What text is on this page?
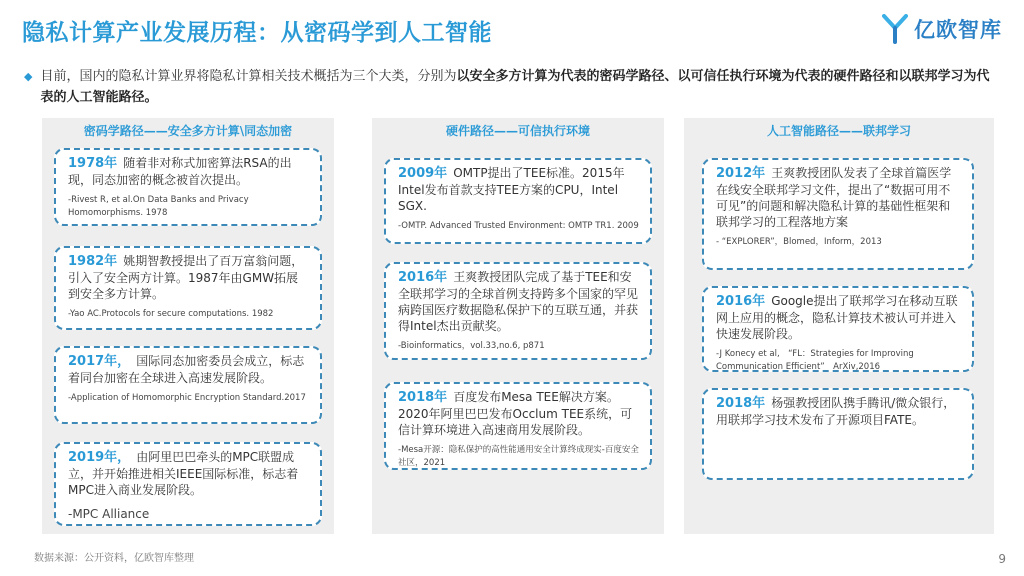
隐私计算产业发展历程：从密码学到人工智能	亿欧智库
◆ 目前，国内的隐私计算业界将隐私计算相关技术概括为三个大类，分别为以安全多方计算为代表的密码学路径、以可信任执行环境为代表的硬件路径和以联邦学习为代表的人工智能路径。
密码学路径——安全多方计算\同态加密
1978年 随着非对称式加密算法RSA的出现，同态加密的概念被首次提出。
-Rivest R, et al.On Data Banks and Privacy Homomorphisms. 1978
1982年 姚期智教授提出了百万富翁问题，引入了安全两方计算。1987年由GMW拓展到安全多方计算。
-Yao AC.Protocols for secure computations. 1982
2017年， 国际同态加密委员会成立，标志着同台加密在全球进入高速发展阶段。
-Application of Homomorphic Encryption Standard.2017
2019年， 由阿里巴巴牵头的MPC联盟成立，并开始推进相关IEEE国际标准，标志着MPC进入商业发展阶段。
-MPC Alliance
硬件路径——可信执行环境
2009年 OMTP提出了TEE标准。2015年Intel发布首款支持TEE方案的CPU，Intel SGX.
-OMTP. Advanced Trusted Environment: OMTP TR1. 2009
2016年 王爽教授团队完成了基于TEE和安全联邦学习的全球首例支持跨多个国家的罕见病跨国医疗数据隐私保护下的互联互通，并获得Intel杰出贡献奖。
-Bioinformatics，vol.33,no.6, p871
2018年 百度发布Mesa TEE解决方案。2020年阿里巴巴发布Occlum TEE系统，可信计算环境进入高速商用发展阶段。
-Mesa开源：隐私保护的高性能通用安全计算终成现实-百度安全社区，2021
人工智能路径——联邦学习
2012年 王爽教授团队发表了全球首篇医学在线安全联邦学习文件，提出了“数据可用不可见”的问题和解决隐私计算的基础性框架和联邦学习的工程落地方案
- “EXPLORER”，Blomed，Inform，2013
2016年 Google提出了联邦学习在移动互联网上应用的概念，隐私计算技术被认可并进入快速发展阶段。
-J Konecy et al,　“FL：Strategies for Improving Communication Efficient”　ArXiv,2016
2018年 杨强教授团队携手腾讯/微众银行，用联邦学习技术发布了开源项目FATE。
数据来源：公开资料，亿欧智库整理	9
